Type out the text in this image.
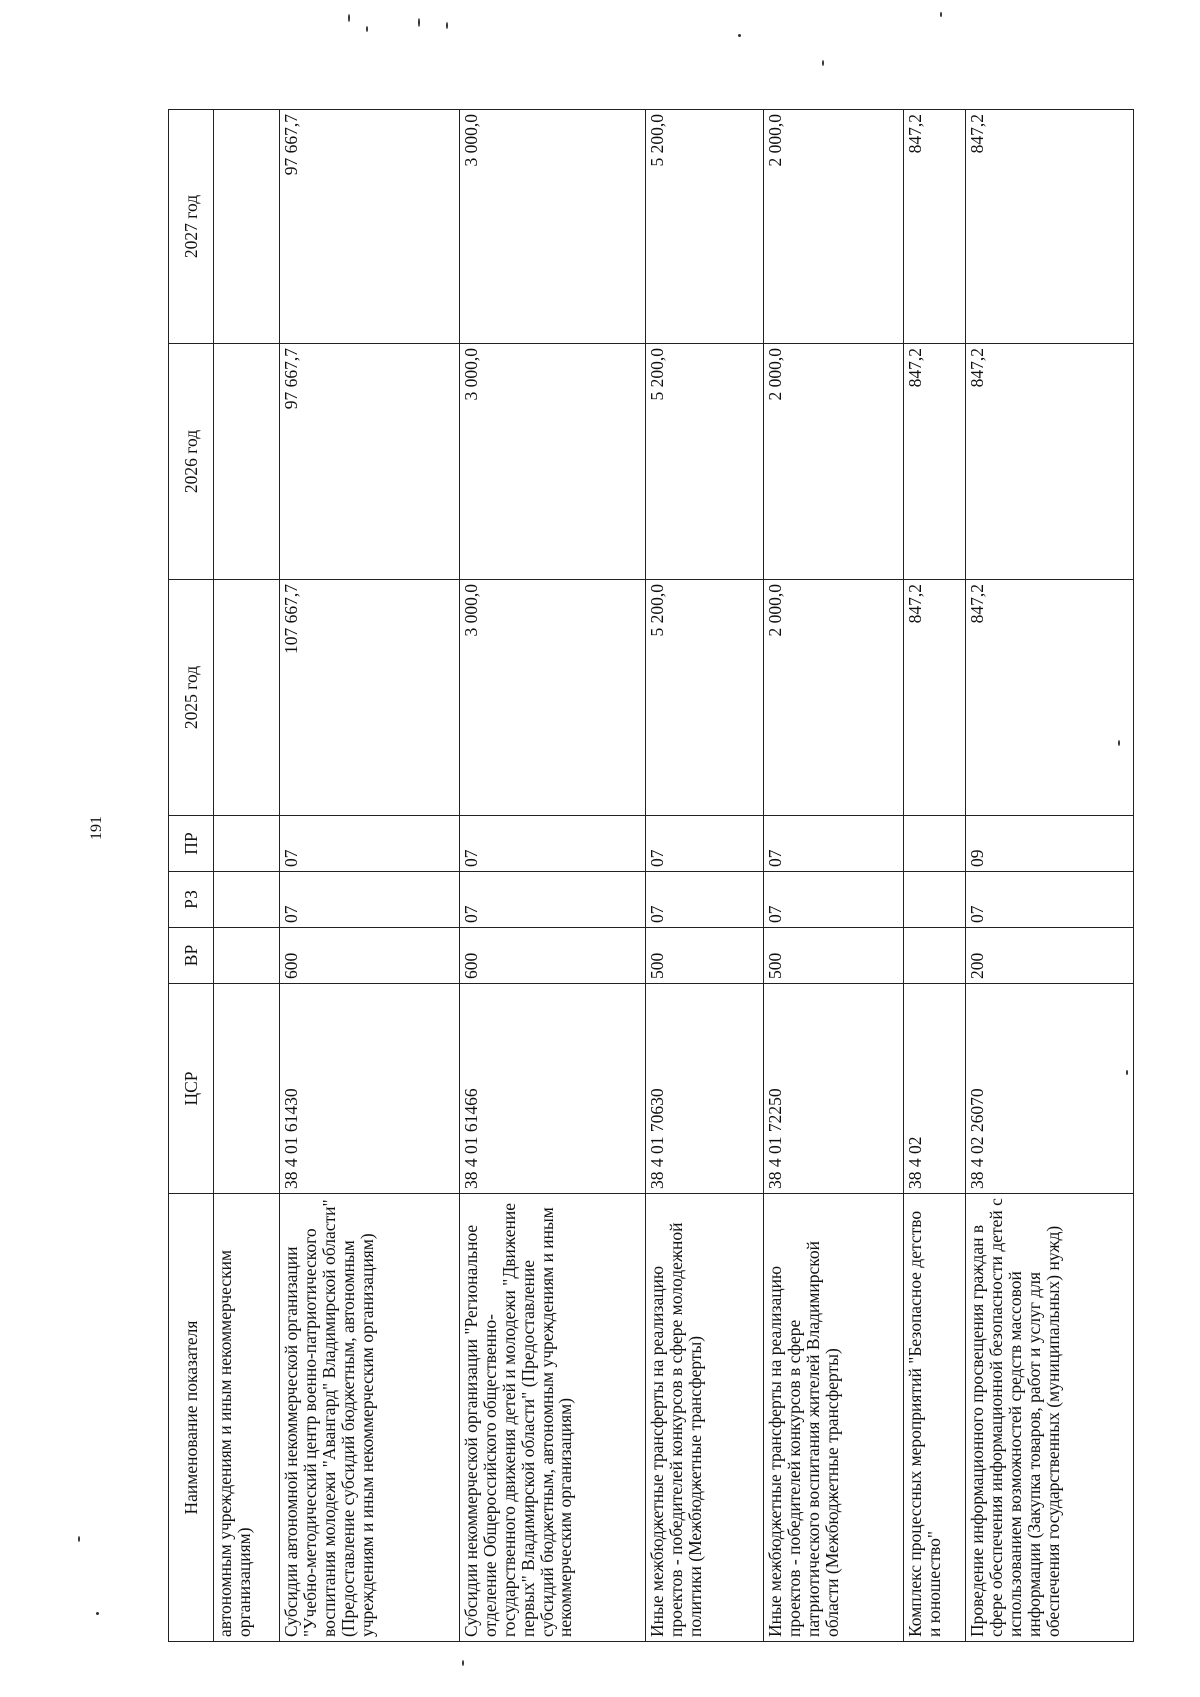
191
Наименование показателя	ЦСР	ВР	РЗ	ПР	2025 год	2026 год	2027 год
автономным учреждениям и иным некоммерческим организациям)							
Субсидии автономной некоммерческой организации "Учебно-методический центр военно-патриотического воспитания молодежи "Авангард" Владимирской области" (Предоставление субсидий бюджетным, автономным учреждениям и иным некоммерческим организациям)	38 4 01 61430	600	07	07	107 667,7	97 667,7	97 667,7
Субсидии некоммерческой организации "Региональное отделение Общероссийского общественно-государственного движения детей и молодежи "Движение первых" Владимирской области" (Предоставление субсидий бюджетным, автономным учреждениям и иным некоммерческим организациям)	38 4 01 61466	600	07	07	3 000,0	3 000,0	3 000,0
Иные межбюджетные трансферты на реализацию проектов - победителей конкурсов в сфере молодежной политики (Межбюджетные трансферты)	38 4 01 70630	500	07	07	5 200,0	5 200,0	5 200,0
Иные межбюджетные трансферты на реализацию проектов - победителей конкурсов в сфере патриотического воспитания жителей Владимирской области (Межбюджетные трансферты)	38 4 01 72250	500	07	07	2 000,0	2 000,0	2 000,0
Комплекс процессных мероприятий "Безопасное детство и юношество"	38 4 02				847,2	847,2	847,2
Проведение информационного просвещения граждан в сфере обеспечения информационной безопасности детей с использованием возможностей средств массовой информации (Закупка товаров, работ и услуг для обеспечения государственных (муниципальных) нужд)	38 4 02 26070	200	07	09	847,2	847,2	847,2
